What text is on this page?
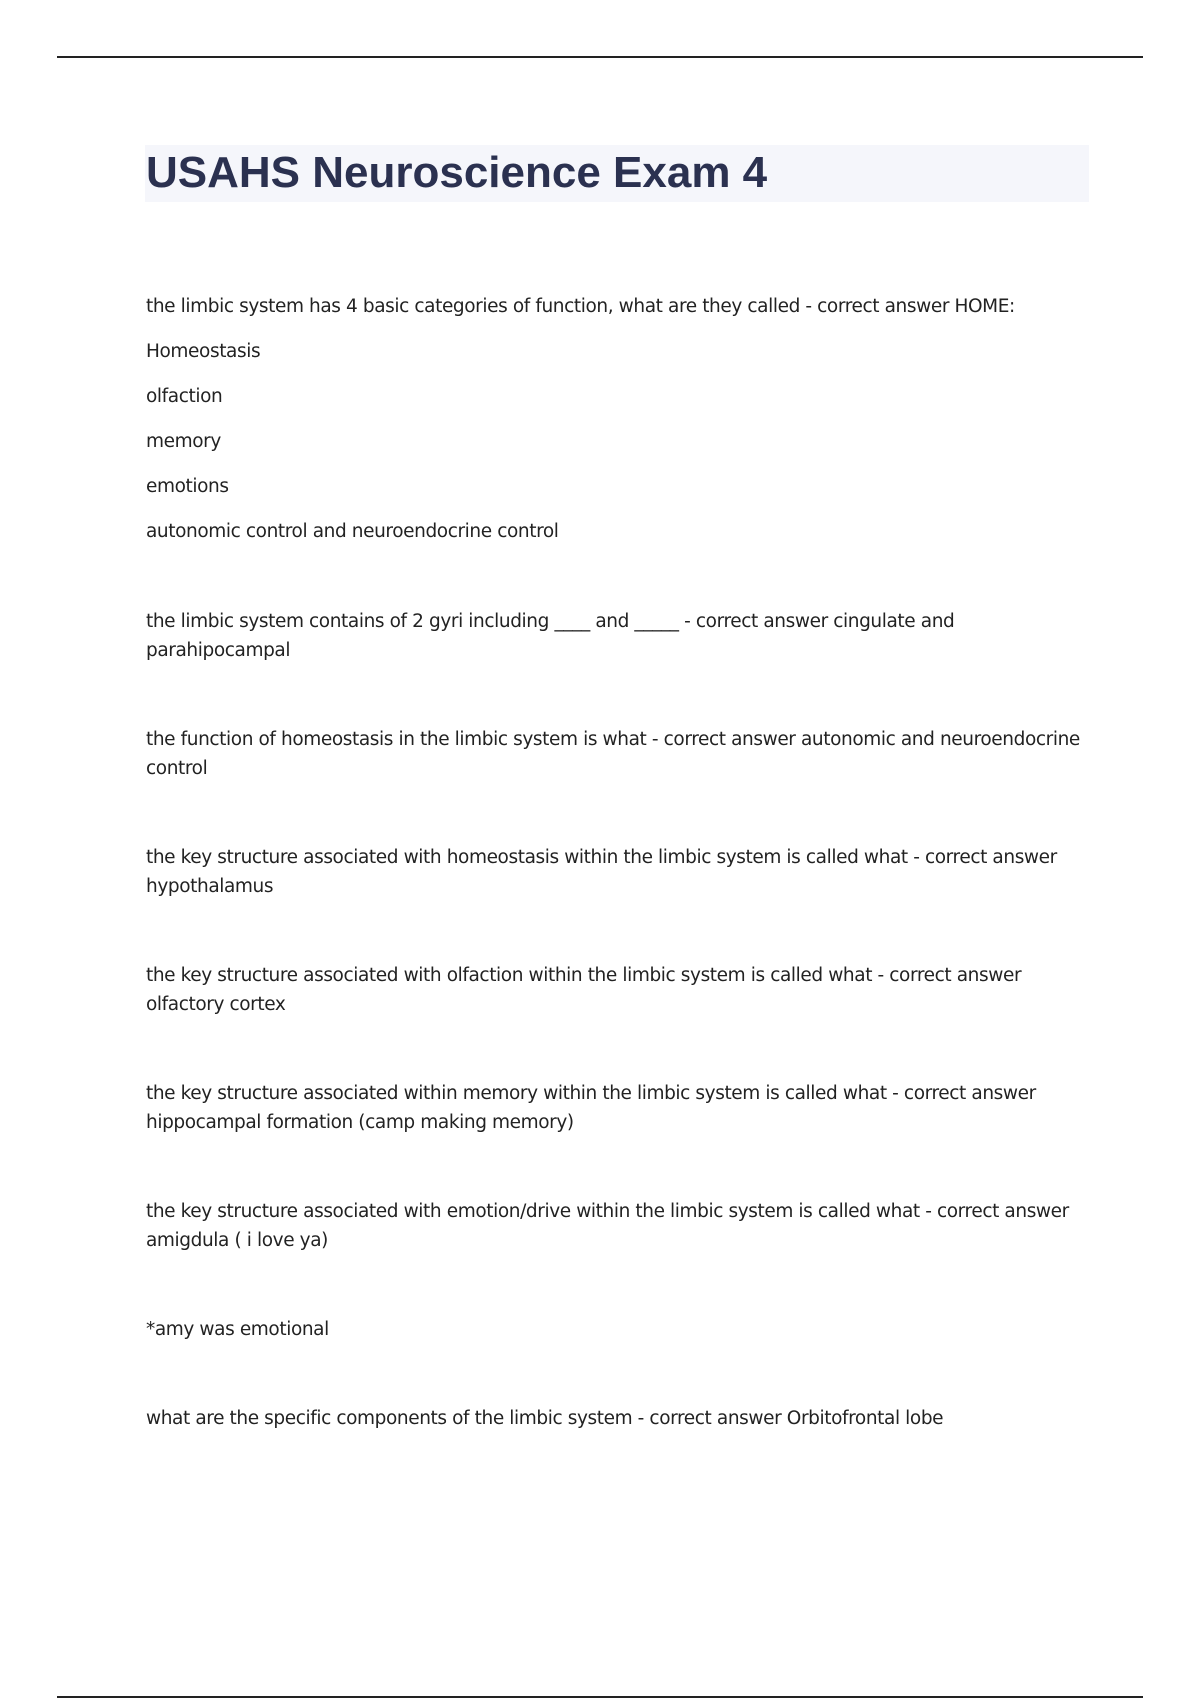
USAHS Neuroscience Exam 4

the limbic system has 4 basic categories of function, what are they called - correct answer HOME:

Homeostasis

olfaction

memory

emotions

autonomic control and neuroendocrine control

the limbic system contains of 2 gyri including ____ and _____ - correct answer cingulate and parahipocampal

the function of homeostasis in the limbic system is what - correct answer autonomic and neuroendocrine control

the key structure associated with homeostasis within the limbic system is called what - correct answer hypothalamus

the key structure associated with olfaction within the limbic system is called what - correct answer olfactory cortex

the key structure associated within memory within the limbic system is called what - correct answer hippocampal formation (camp making memory)

the key structure associated with emotion/drive within the limbic system is called what - correct answer amigdula ( i love ya)

*amy was emotional

what are the specific components of the limbic system - correct answer Orbitofrontal lobe
